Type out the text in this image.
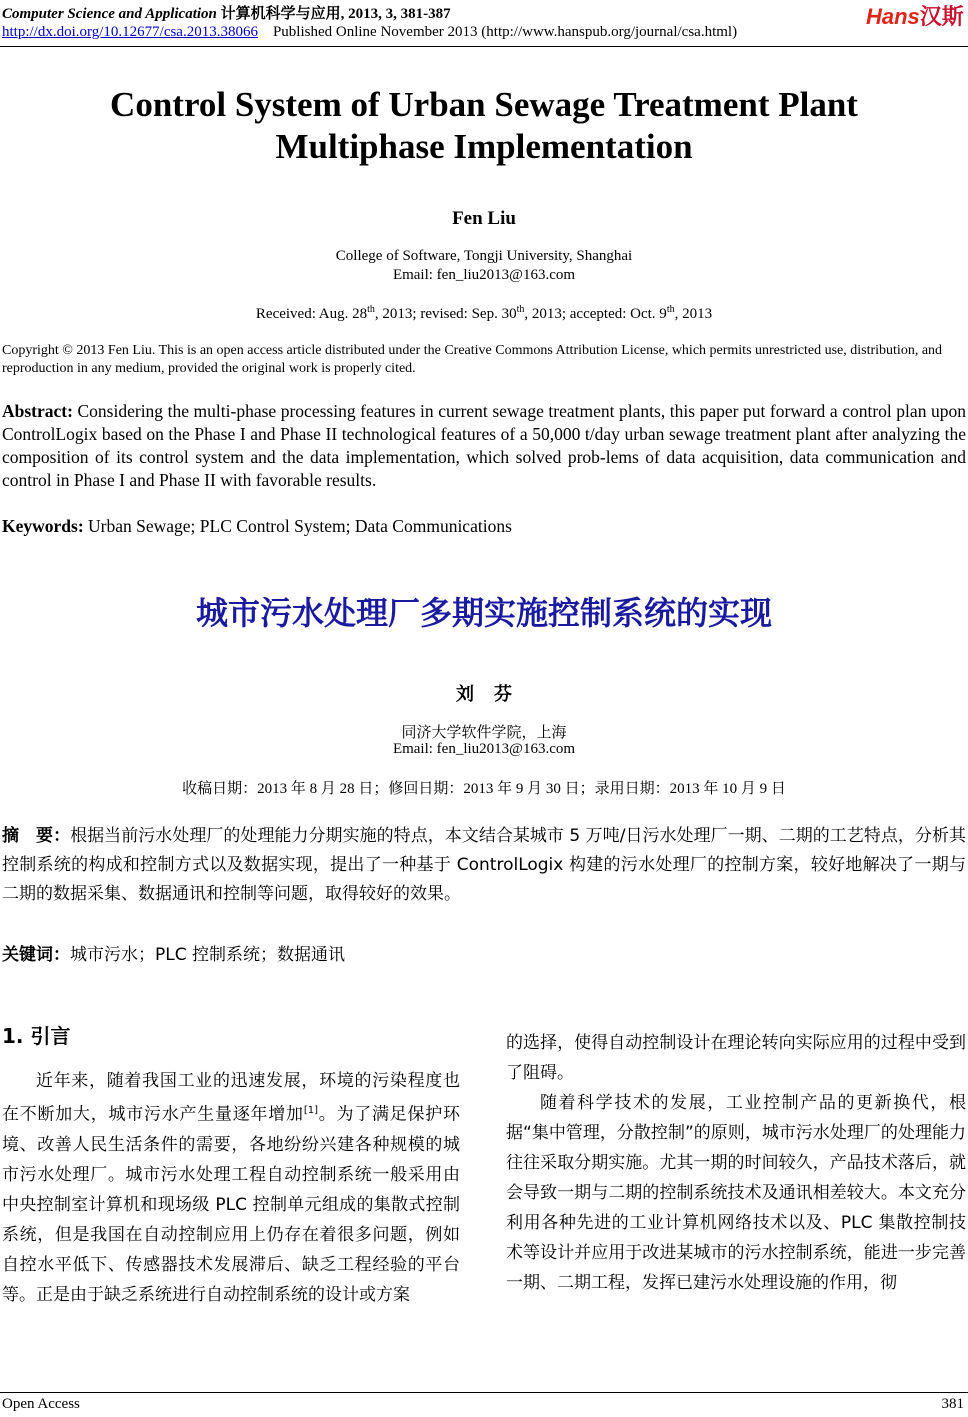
Computer Science and Application 计算机科学与应用, 2013, 3, 381-387
http://dx.doi.org/10.12677/csa.2013.38066 Published Online November 2013 (http://www.hanspub.org/journal/csa.html)
Hans汉斯
Control System of Urban Sewage Treatment Plant
Multiphase Implementation
Fen Liu
College of Software, Tongji University, Shanghai
Email: fen_liu2013@163.com
Received: Aug. 28th, 2013; revised: Sep. 30th, 2013; accepted: Oct. 9th, 2013
Copyright © 2013 Fen Liu. This is an open access article distributed under the Creative Commons Attribution License, which permits unrestricted use, distribution, and reproduction in any medium, provided the original work is properly cited.
Abstract: Considering the multi-phase processing features in current sewage treatment plants, this paper put forward a control plan upon ControlLogix based on the Phase I and Phase II technological features of a 50,000 t/day urban sewage treatment plant after analyzing the composition of its control system and the data implementation, which solved prob-lems of data acquisition, data communication and control in Phase I and Phase II with favorable results.
Keywords: Urban Sewage; PLC Control System; Data Communications
城市污水处理厂多期实施控制系统的实现
刘芬
同济大学软件学院，上海
Email: fen_liu2013@163.com
收稿日期：2013 年 8 月 28 日；修回日期：2013 年 9 月 30 日；录用日期：2013 年 10 月 9 日
摘　要：根据当前污水处理厂的处理能力分期实施的特点，本文结合某城市 5 万吨/日污水处理厂一期、二期的工艺特点，分析其控制系统的构成和控制方式以及数据实现，提出了一种基于 ControlLogix 构建的污水处理厂的控制方案，较好地解决了一期与二期的数据采集、数据通讯和控制等问题，取得较好的效果。
关键词：城市污水；PLC 控制系统；数据通讯
1. 引言

近年来，随着我国工业的迅速发展，环境的污染程度也在不断加大，城市污水产生量逐年增加[1]。为了满足保护环境、改善人民生活条件的需要，各地纷纷兴建各种规模的城市污水处理厂。城市污水处理工程自动控制系统一般采用由中央控制室计算机和现场级 PLC 控制单元组成的集散式控制系统，但是我国在自动控制应用上仍存在着很多问题，例如自控水平低下、传感器技术发展滞后、缺乏工程经验的平台等。正是由于缺乏系统进行自动控制系统的设计或方案

的选择，使得自动控制设计在理论转向实际应用的过程中受到了阻碍。

随着科学技术的发展，工业控制产品的更新换代，根据“集中管理，分散控制”的原则，城市污水处理厂的处理能力往往采取分期实施。尤其一期的时间较久，产品技术落后，就会导致一期与二期的控制系统技术及通讯相差较大。本文充分利用各种先进的工业计算机网络技术以及、PLC 集散控制技术等设计并应用于改进某城市的污水控制系统，能进一步完善一期、二期工程，发挥已建污水处理设施的作用，彻

Open Access	381
